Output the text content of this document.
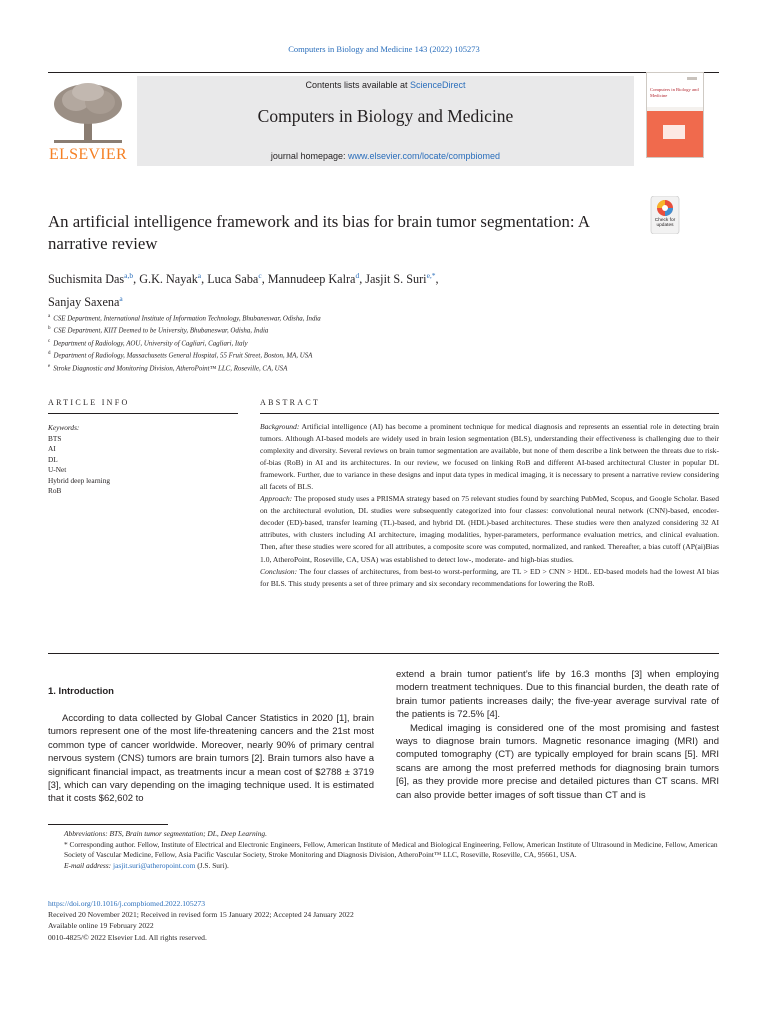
Computers in Biology and Medicine 143 (2022) 105273
ELSEVIER
Contents lists available at ScienceDirect
Computers in Biology and Medicine
journal homepage: www.elsevier.com/locate/compbiomed
Computers in Biology and Medicine
An artificial intelligence framework and its bias for brain tumor segmentation: A narrative review
Check for updates
Suchismita Das$^{a,b}$, G.K. Nayak$^a$, Luca Saba$^c$, Mannudeep Kalra$^d$, Jasjit S. Suri$^{e,*}$,
Sanjay Saxena$^a$
$^a$ CSE Department, International Institute of Information Technology, Bhubaneswar, Odisha, India
$^b$ CSE Department, KIIT Deemed to be University, Bhubaneswar, Odisha, India
$^c$ Department of Radiology, AOU, University of Cagliari, Cagliari, Italy
$^d$ Department of Radiology, Massachusetts General Hospital, 55 Fruit Street, Boston, MA, USA
$^e$ Stroke Diagnostic and Monitoring Division, AtheroPoint™ LLC, Roseville, CA, USA
ARTICLE INFO
Keywords:
BTS
AI
DL
U-Net
Hybrid deep learning
RoB
ABSTRACT

Background: Artificial intelligence (AI) has become a prominent technique for medical diagnosis and represents an essential role in detecting brain tumors. Although AI-based models are widely used in brain lesion segmentation (BLS), understanding their effectiveness is challenging due to their complexity and diversity. Several reviews on brain tumor segmentation are available, but none of them describe a link between the threats due to risk-of-bias (RoB) in AI and its architectures. In our review, we focused on linking RoB and different AI-based architectural Cluster in popular DL framework. Further, due to variance in these designs and input data types in medical imaging, it is necessary to present a narrative review considering all facets of BLS.

Approach: The proposed study uses a PRISMA strategy based on 75 relevant studies found by searching PubMed, Scopus, and Google Scholar. Based on the architectural evolution, DL studies were subsequently categorized into four classes: convolutional neural network (CNN)-based, encoder-decoder (ED)-based, transfer learning (TL)-based, and hybrid DL (HDL)-based architectures. These studies were then analyzed considering 32 AI attributes, with clusters including AI architecture, imaging modalities, hyper-parameters, performance evaluation metrics, and clinical evaluation. Then, after these studies were scored for all attributes, a composite score was computed, normalized, and ranked. Thereafter, a bias cutoff (AP(ai)Bias 1.0, AtheroPoint, Roseville, CA, USA) was established to detect low-, moderate- and high-bias studies.

Conclusion: The four classes of architectures, from best-to worst-performing, are TL > ED > CNN > HDL. ED-based models had the lowest AI bias for BLS. This study presents a set of three primary and six secondary recommendations for lowering the RoB.

1. Introduction

According to data collected by Global Cancer Statistics in 2020 [1], brain tumors represent one of the most life-threatening cancers and the 21st most common type of cancer worldwide. Moreover, nearly 90% of primary central nervous system (CNS) tumors are brain tumors [2]. Brain tumors also have a significant financial impact, as treatments incur a mean cost of $2788 ± 3719 [3], which can vary depending on the imaging technique used. It is estimated that it costs $62,602 to

extend a brain tumor patient’s life by 16.3 months [3] when employing modern treatment techniques. Due to this financial burden, the death rate of brain tumor patients increases daily; the five-year average survival rate of the patients is 72.5% [4].

Medical imaging is considered one of the most promising and fastest ways to diagnose brain tumors. Magnetic resonance imaging (MRI) and computed tomography (CT) are typically employed for brain scans [5]. MRI scans are among the most preferred methods for diagnosing brain tumors [6], as they provide more precise and detailed pictures than CT scans. MRI can also provide better images of soft tissue than CT and is

Abbreviations: BTS, Brain tumor segmentation; DL, Deep Learning.
* Corresponding author. Fellow, Institute of Electrical and Electronic Engineers, Fellow, American Institute of Medical and Biological Engineering, Fellow, American Institute of Ultrasound in Medicine, Fellow, American Society of Vascular Medicine, Fellow, Asia Pacific Vascular Society, Stroke Monitoring and Diagnosis Division, AtheroPoint™ LLC, Roseville, Roseville, CA, 95661, USA.
E-mail address: jasjit.suri@atheropoint.com (J.S. Suri).
https://doi.org/10.1016/j.compbiomed.2022.105273
Received 20 November 2021; Received in revised form 15 January 2022; Accepted 24 January 2022
Available online 19 February 2022
0010-4825/© 2022 Elsevier Ltd. All rights reserved.
